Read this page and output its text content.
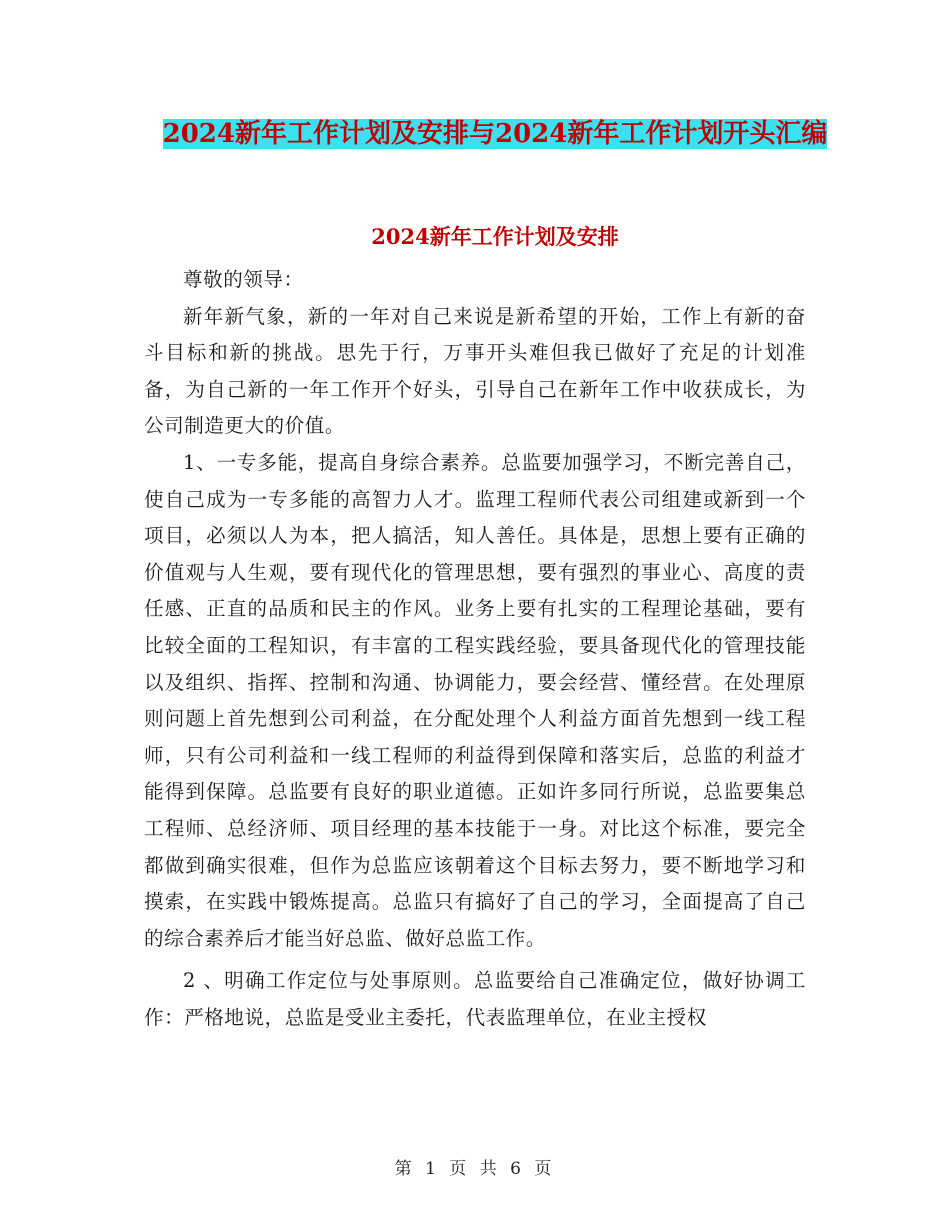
2024新年工作计划及安排与2024新年工作计划开头汇编
2024新年工作计划及安排

尊敬的领导：

新年新气象，新的一年对自己来说是新希望的开始，工作上有新的奋斗目标和新的挑战。思先于行，万事开头难但我已做好了充足的计划准备，为自己新的一年工作开个好头，引导自己在新年工作中收获成长，为公司制造更大的价值。

1、一专多能，提高自身综合素养。总监要加强学习，不断完善自己，使自己成为一专多能的高智力人才。监理工程师代表公司组建或新到一个项目，必须以人为本，把人搞活，知人善任。具体是，思想上要有正确的价值观与人生观，要有现代化的管理思想，要有强烈的事业心、高度的责任感、正直的品质和民主的作风。业务上要有扎实的工程理论基础，要有比较全面的工程知识，有丰富的工程实践经验，要具备现代化的管理技能以及组织、指挥、控制和沟通、协调能力，要会经营、懂经营。在处理原则问题上首先想到公司利益，在分配处理个人利益方面首先想到一线工程师，只有公司利益和一线工程师的利益得到保障和落实后，总监的利益才能得到保障。总监要有良好的职业道德。正如许多同行所说，总监要集总工程师、总经济师、项目经理的基本技能于一身。对比这个标准，要完全都做到确实很难，但作为总监应该朝着这个目标去努力，要不断地学习和摸索，在实践中锻炼提高。总监只有搞好了自己的学习，全面提高了自己的综合素养后才能当好总监、做好总监工作。

2 、明确工作定位与处事原则。总监要给自己准确定位，做好协调工作：严格地说，总监是受业主委托，代表监理单位，在业主授权

第 1 页 共 6 页
